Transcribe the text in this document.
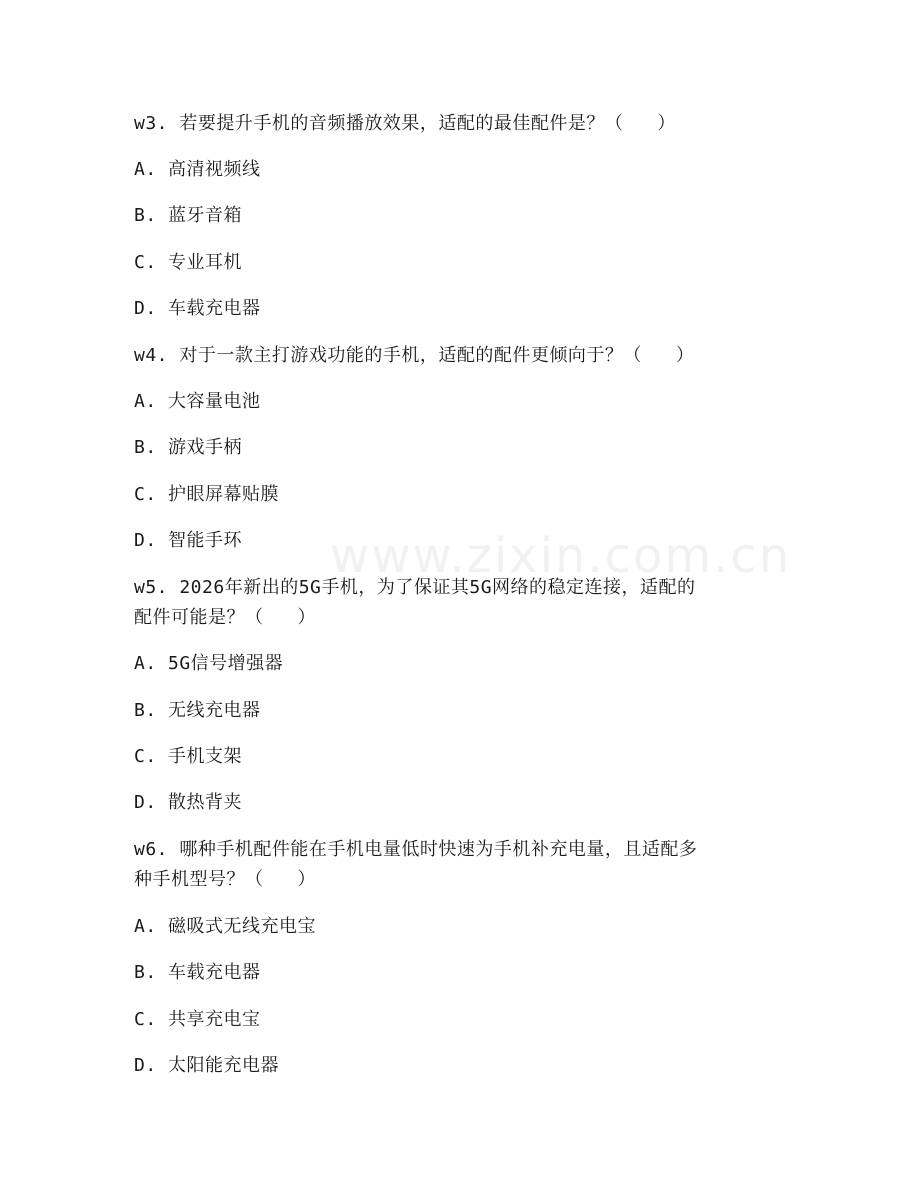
www.zixin.com.cn
w3. 若要提升手机的音频播放效果，适配的最佳配件是？（   ）
A. 高清视频线
B. 蓝牙音箱
C. 专业耳机
D. 车载充电器
w4. 对于一款主打游戏功能的手机，适配的配件更倾向于？（   ）
A. 大容量电池
B. 游戏手柄
C. 护眼屏幕贴膜
D. 智能手环
w5. 2026年新出的5G手机，为了保证其5G网络的稳定连接，适配的
配件可能是？（   ）
A. 5G信号增强器
B. 无线充电器
C. 手机支架
D. 散热背夹
w6. 哪种手机配件能在手机电量低时快速为手机补充电量，且适配多
种手机型号？（   ）
A. 磁吸式无线充电宝
B. 车载充电器
C. 共享充电宝
D. 太阳能充电器
